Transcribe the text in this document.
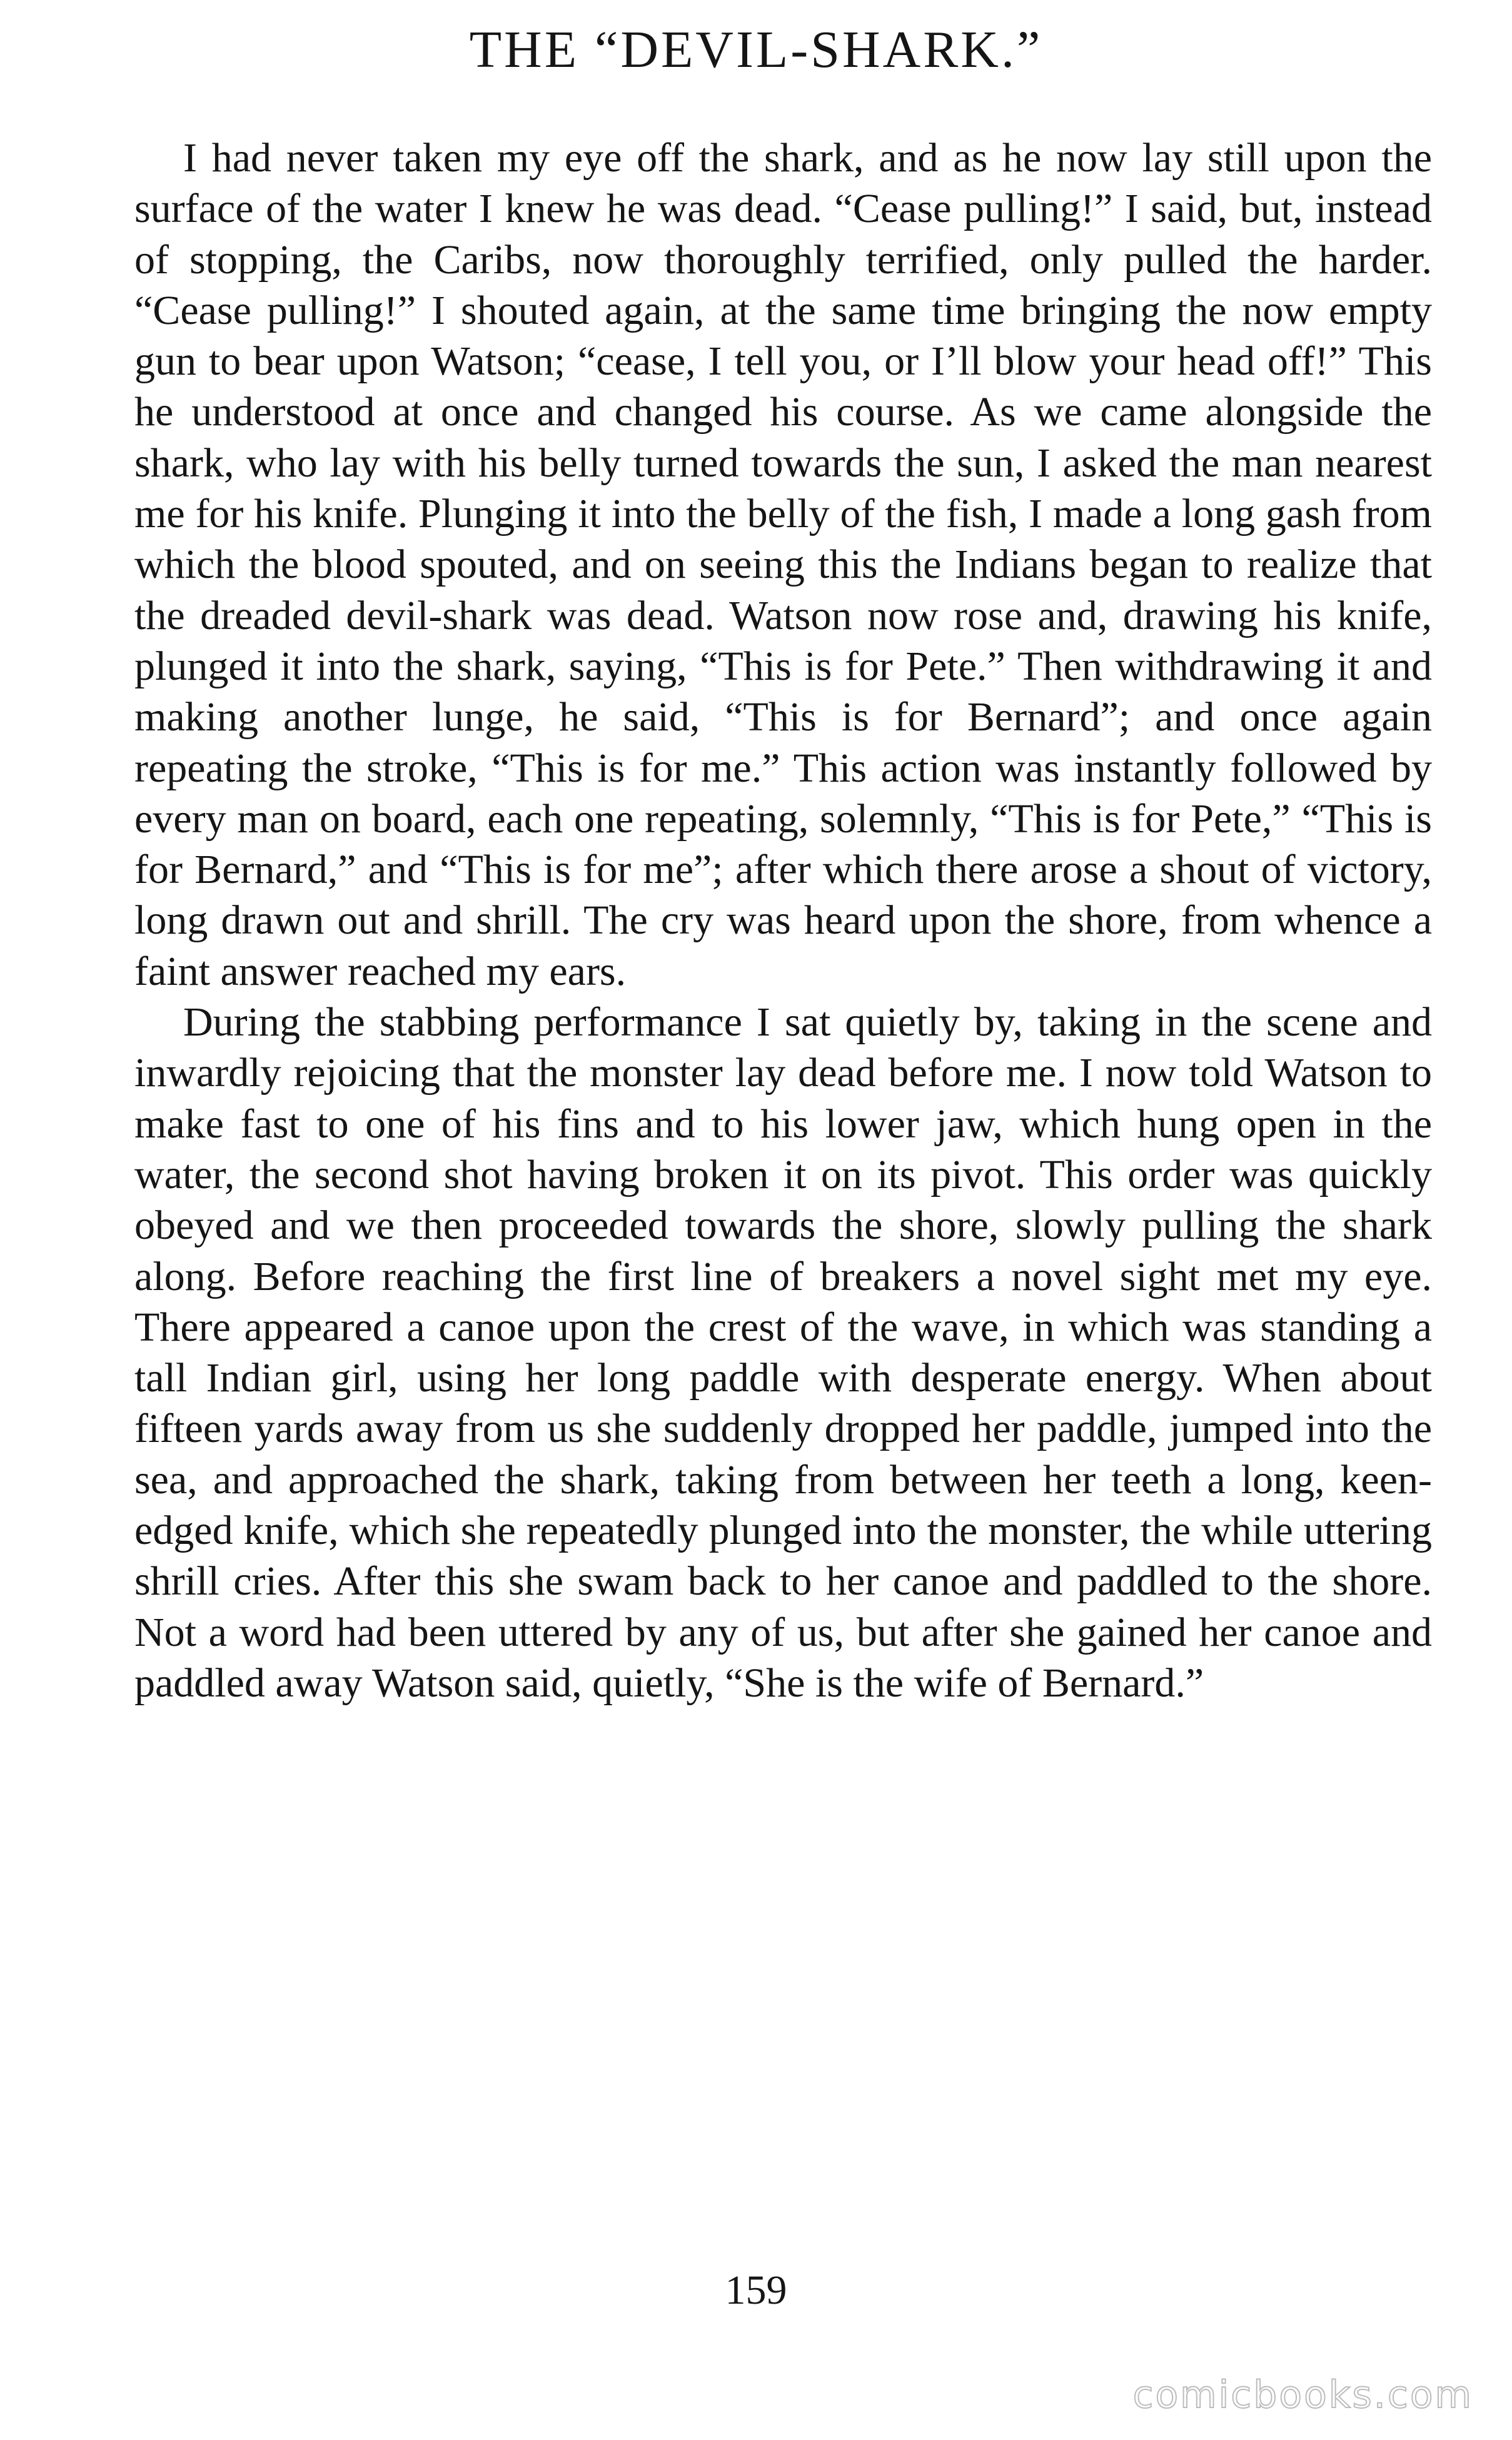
THE “DEVIL-SHARK.”

I had never taken my eye off the shark, and as he now lay still upon the surface of the water I knew he was dead. “Cease pulling!” I said, but, instead of stopping, the Caribs, now thoroughly terrified, only pulled the harder. “Cease pulling!” I shouted again, at the same time bringing the now empty gun to bear upon Watson; “cease, I tell you, or I’ll blow your head off!” This he understood at once and changed his course. As we came alongside the shark, who lay with his belly turned towards the sun, I asked the man nearest me for his knife. Plunging it into the belly of the fish, I made a long gash from which the blood spouted, and on seeing this the Indians began to realize that the dreaded devil-shark was dead. Watson now rose and, drawing his knife, plunged it into the shark, saying, “This is for Pete.” Then withdrawing it and making another lunge, he said, “This is for Bernard”; and once again repeating the stroke, “This is for me.” This action was instantly followed by every man on board, each one repeating, solemnly, “This is for Pete,” “This is for Bernard,” and “This is for me”; after which there arose a shout of victory, long drawn out and shrill. The cry was heard upon the shore, from whence a faint answer reached my ears.

During the stabbing performance I sat quietly by, taking in the scene and inwardly rejoicing that the monster lay dead before me. I now told Watson to make fast to one of his fins and to his lower jaw, which hung open in the water, the second shot having broken it on its pivot. This order was quickly obeyed and we then proceeded towards the shore, slowly pulling the shark along. Before reaching the first line of breakers a novel sight met my eye. There appeared a canoe upon the crest of the wave, in which was standing a tall Indian girl, using her long paddle with desperate energy. When about fifteen yards away from us she suddenly dropped her paddle, jumped into the sea, and approached the shark, taking from between her teeth a long, keen-edged knife, which she repeatedly plunged into the monster, the while uttering shrill cries. After this she swam back to her canoe and paddled to the shore. Not a word had been uttered by any of us, but after she gained her canoe and paddled away Watson said, quietly, “She is the wife of Bernard.”

159
comicbooks.com
